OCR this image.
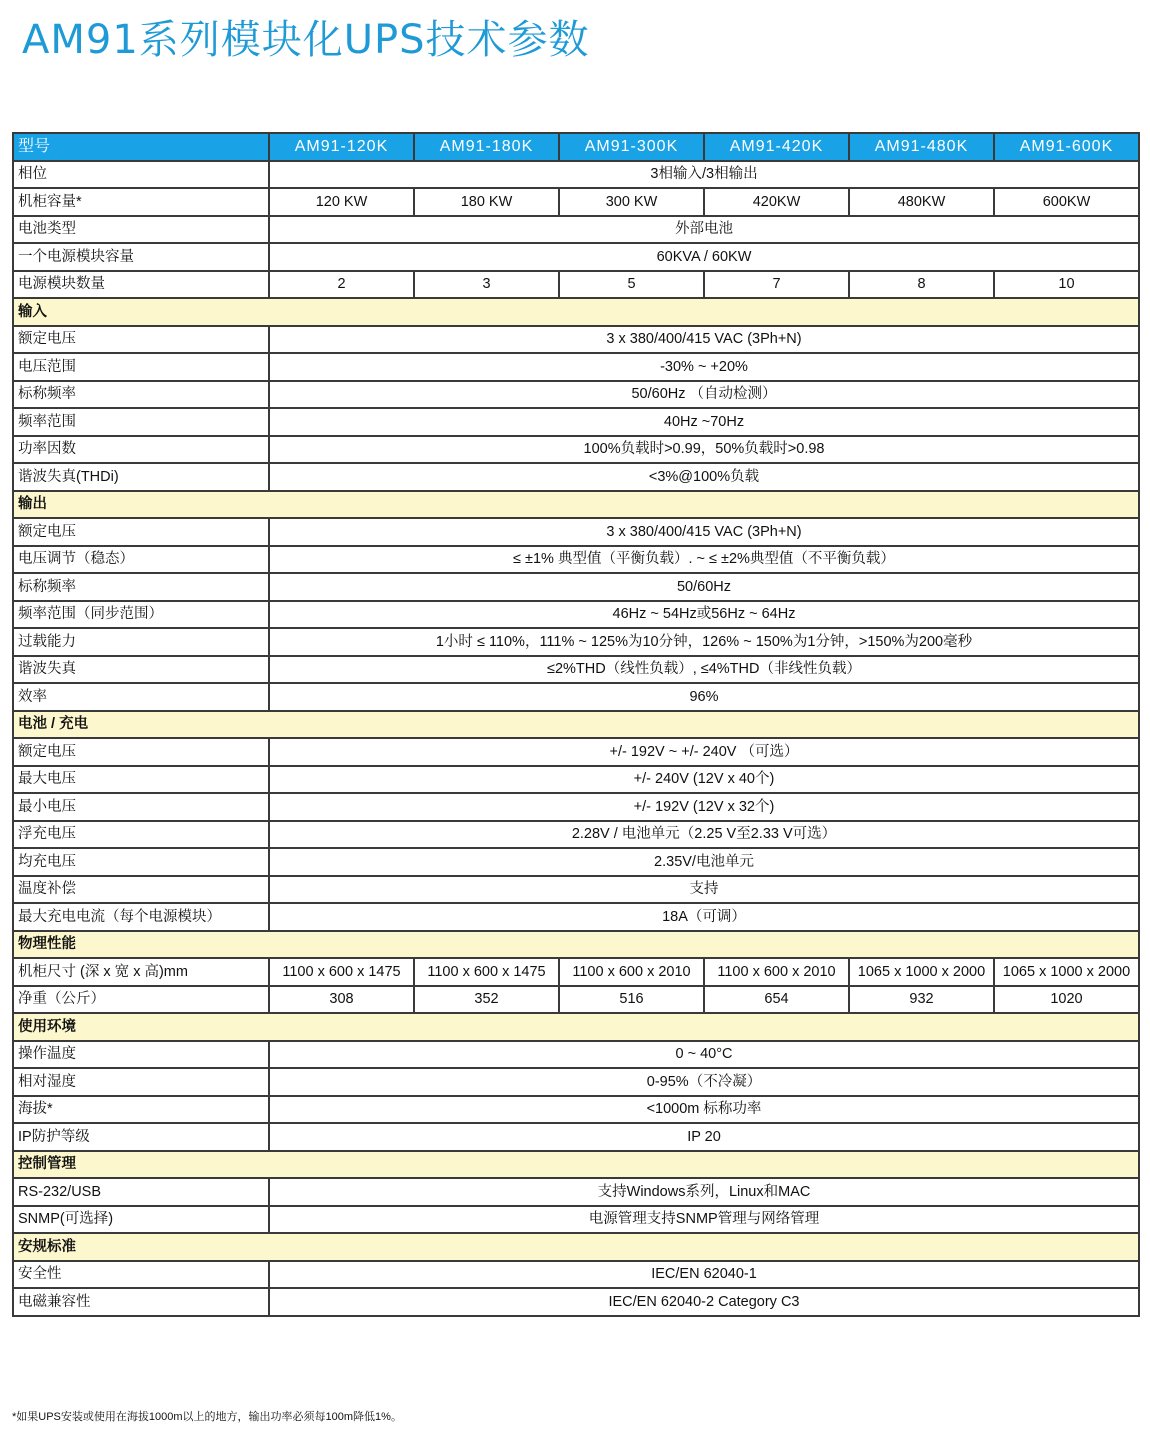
AM91系列模块化UPS技术参数
型号	AM91-120K	AM91-180K	AM91-300K	AM91-420K	AM91-480K	AM91-600K
相位	3相输入/3相输出					
机柜容量*	120 KW	180 KW	300 KW	420KW	480KW	600KW
电池类型	外部电池					
一个电源模块容量	60KVA / 60KW					
电源模块数量	2	3	5	7	8	10
输入						
额定电压	3 x 380/400/415 VAC (3Ph+N)					
电压范围	-30% ~ +20%					
标称频率	50/60Hz （自动检测）					
频率范围	40Hz ~70Hz					
功率因数	100%负载时>0.99，50%负载时>0.98					
谐波失真(THDi)	<3%@100%负载					
输出						
额定电压	3 x 380/400/415 VAC (3Ph+N)					
电压调节（稳态）	≤ ±1% 典型值（平衡负载）. ~ ≤ ±2%典型值（不平衡负载）					
标称频率	50/60Hz					
频率范围（同步范围）	46Hz ~ 54Hz或56Hz ~ 64Hz					
过载能力	1小时 ≤ 110%，111% ~ 125%为10分钟，126% ~ 150%为1分钟，>150%为200毫秒					
谐波失真	≤2%THD（线性负载）, ≤4%THD（非线性负载）					
效率	96%					
电池 / 充电						
额定电压	+/- 192V ~ +/- 240V （可选）					
最大电压	+/- 240V (12V x 40个)					
最小电压	+/- 192V (12V x 32个)					
浮充电压	2.28V / 电池单元（2.25 V至2.33 V可选）					
均充电压	2.35V/电池单元					
温度补偿	支持					
最大充电电流（每个电源模块）	18A（可调）					
物理性能						
机柜尺寸 (深 x 宽 x 高)mm	1100 x 600 x 1475	1100 x 600 x 1475	1100 x 600 x 2010	1100 x 600 x 2010	1065 x 1000 x 2000	1065 x 1000 x 2000
净重（公斤）	308	352	516	654	932	1020
使用环境						
操作温度	0 ~ 40°C					
相对湿度	0-95%（不冷凝）					
海拔*	<1000m 标称功率					
IP防护等级	IP 20					
控制管理						
RS-232/USB	支持Windows系列，Linux和MAC					
SNMP(可选择)	电源管理支持SNMP管理与网络管理					
安规标准						
安全性	IEC/EN 62040-1					
电磁兼容性	IEC/EN 62040-2 Category C3					
*如果UPS安装或使用在海拔1000m以上的地方，输出功率必须每100m降低1%。
